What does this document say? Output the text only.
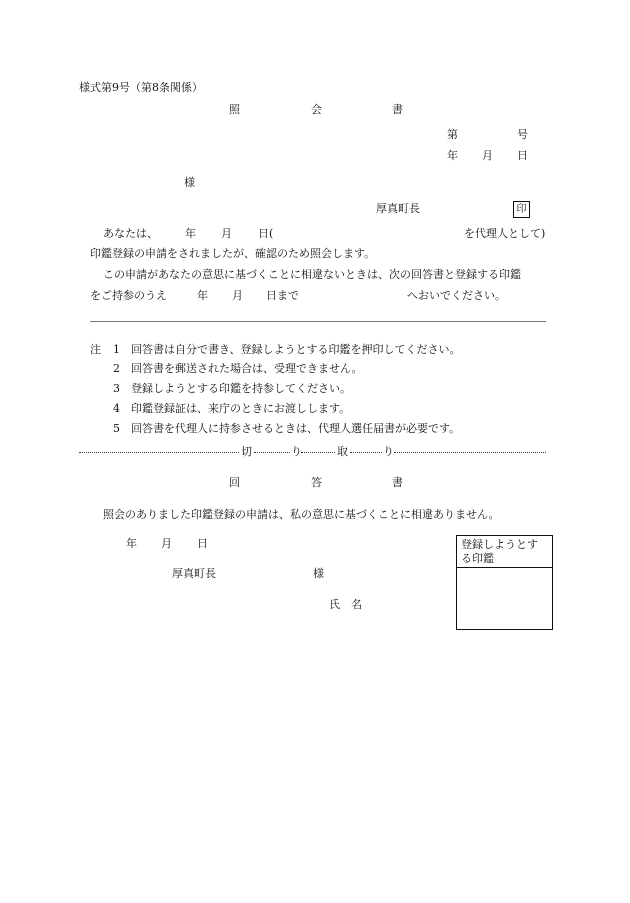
様式第9号（第8条関係）
照	会	書
第	号
年 月 日
様
厚真町長	印
あなたは、 年 月 日(	を代理人として)
印鑑登録の申請をされましたが、確認のため照会します。
この申請があなたの意思に基づくことに相違ないときは、次の回答書と登録する印鑑
をご持参のうえ	年 月 日まで	へおいでください。
注	1 回答書は自分で書き、登録しようとする印鑑を押印してください。
2 回答書を郵送された場合は、受理できません。
3 登録しようとする印鑑を持参してください。
4 印鑑登録証は、来庁のときにお渡しします。
5 回答書を代理人に持参させるときは、代理人選任届書が必要です。
切	り	取	り
回	答	書
照会のありました印鑑登録の申請は、私の意思に基づくことに相違ありません。
年 月 日
厚真町長	様
氏　名
登録しようとする印鑑
